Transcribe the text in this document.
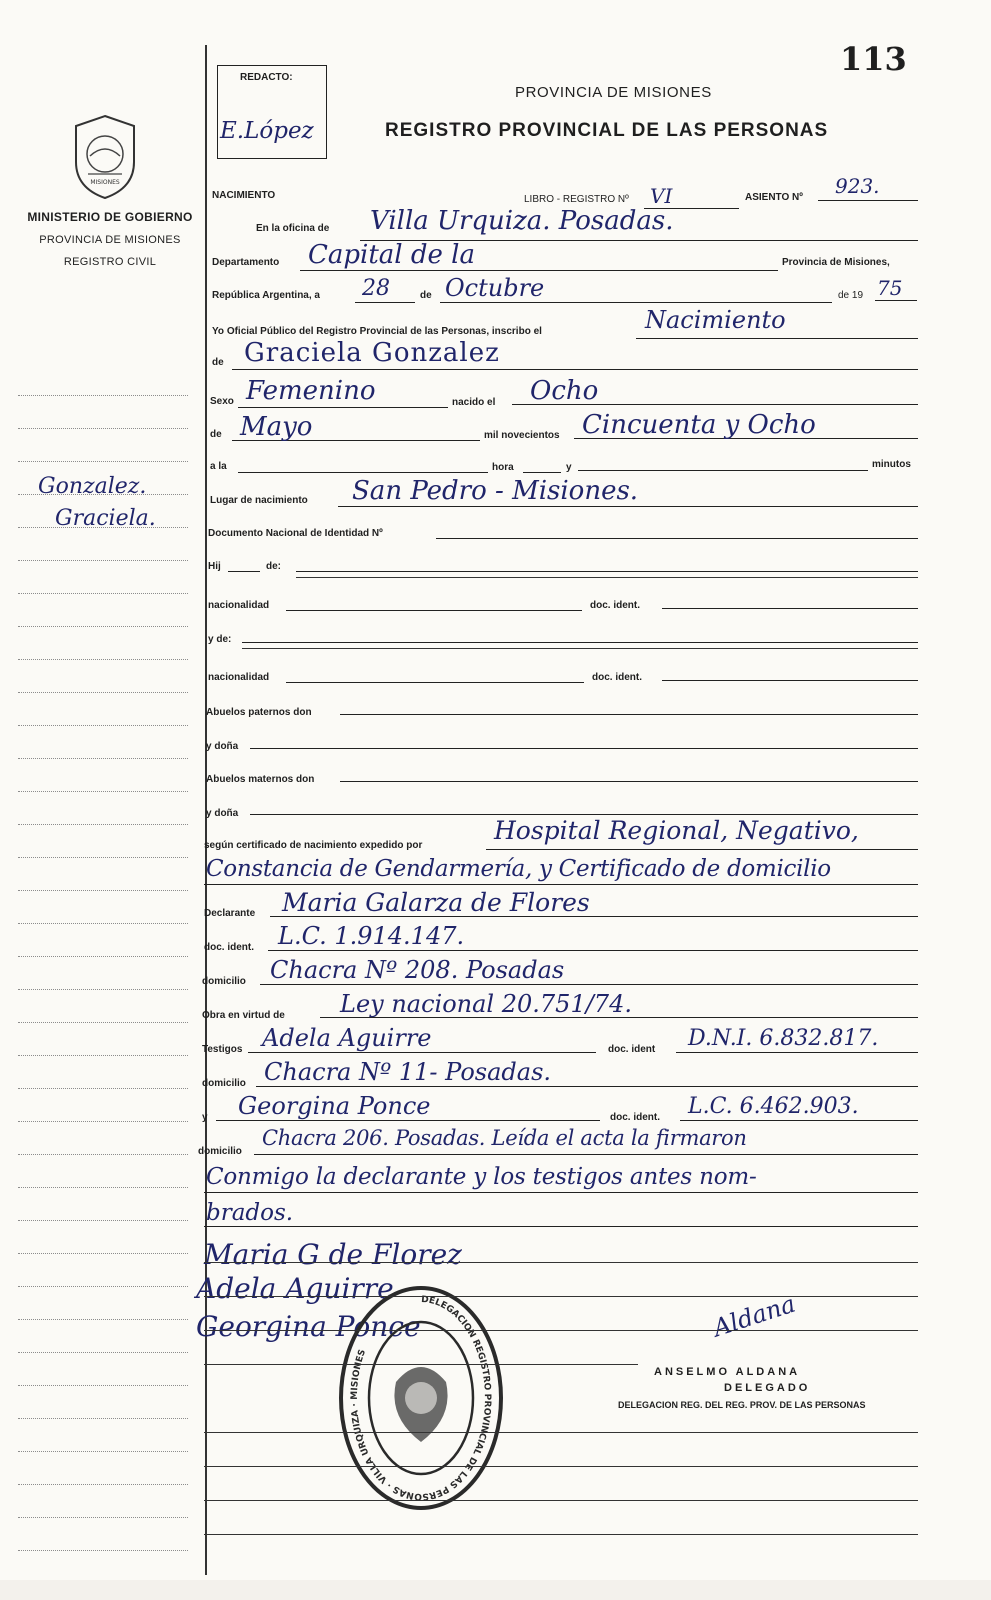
MISIONES
MINISTERIO DE GOBIERNO
PROVINCIA DE MISIONES
REGISTRO CIVIL
Gonzalez.
Graciela.
REDACTO:
E.López
113
PROVINCIA DE MISIONES
REGISTRO PROVINCIAL DE LAS PERSONAS
NACIMIENTO	LIBRO - REGISTRO Nº VI	ASIENTO Nº 923.
En la oficina de Villa Urquiza. Posadas.
Departamento Capital de la	Provincia de Misiones,
República Argentina, a 28	de Octubre	de 19 75
Yo Oficial Público del Registro Provincial de las Personas, inscribo el	Nacimiento
de Graciela Gonzalez
Sexo Femenino	nacido el Ocho
de Mayo	mil novecientos Cincuenta y Ocho
a la	hora	y	minutos
Lugar de nacimiento San Pedro - Misiones.
Documento Nacional de Identidad Nº
Hij	de:
nacionalidad	doc. ident.
y de:
nacionalidad	doc. ident.
Abuelos paternos don
y doña
Abuelos maternos don
y doña
según certificado de nacimiento expedido por
Hospital Regional, Negativo,
Constancia de Gendarmería, y Certificado de domicilio
Declarante Maria Galarza de Flores
doc. ident. L.C. 1.914.147.
domicilio Chacra Nº 208. Posadas
Obra en virtud de Ley nacional 20.751/74.
Testigos Adela Aguirre	doc. ident D.N.I. 6.832.817.
domicilio Chacra Nº 11- Posadas.
y Georgina Ponce	doc. ident. L.C. 6.462.903.
domicilio
Chacra 206. Posadas. Leída el acta la firmaron
Conmigo la declarante y los testigos antes nom-
brados.
Maria G de Florez
Adela Aguirre
Georgina Ponce
DELEGACION REGISTRO PROVINCIAL DE LAS PERSONAS · VILLA URQUIZA · MISIONES
Aldana
ANSELMO ALDANA
DELEGADO
DELEGACION REG. DEL REG. PROV. DE LAS PERSONAS
